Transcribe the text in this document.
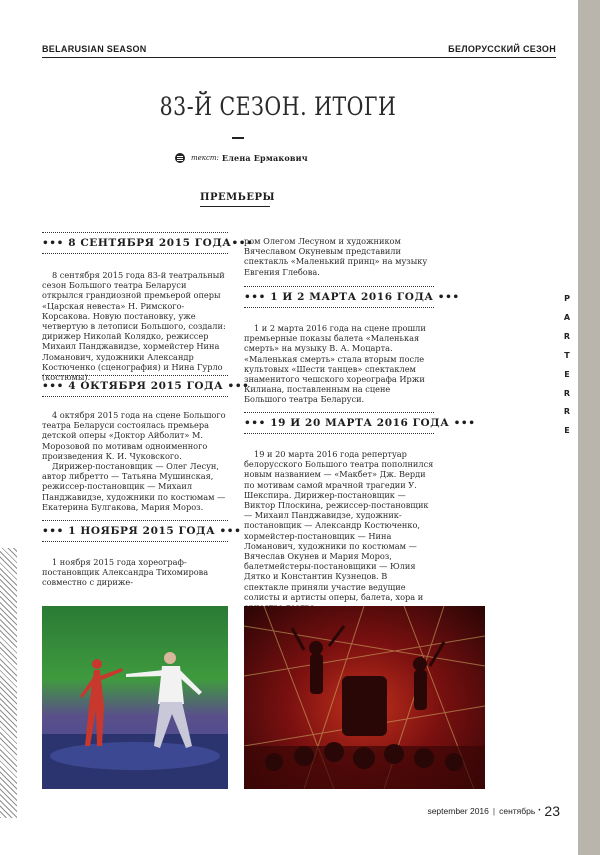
P
A
R
T
E
R
R
E
BELARUSIAN SEASON	БЕЛОРУССКИЙ СЕЗОН
83-Й СЕЗОН. ИТОГИ
текст: Елена Ермакович
ПРЕМЬЕРЫ
••• 8 СЕНТЯБРЯ 2015 ГОДА•••

8 сентября 2015 года 83-й театральный сезон Большого театра Беларуси открылся грандиозной премьерой оперы «Царская невеста» Н. Римского-Корсакова. Новую постановку, уже четвертую в летописи Большого, создали: дирижер Николай Колядко, режиссер Михаил Панджавидзе, хормейстер Нина Ломанович, художники Александр Костюченко (сценография) и Нина Гурло (костюмы).

••• 4 ОКТЯБРЯ 2015 ГОДА •••

4 октября 2015 года на сцене Большого театра Беларуси состоялась премьера детской оперы «Доктор Айболит» М. Морозовой по мотивам одноименного произведения К. И. Чуковского.

Дирижер-постановщик — Олег Лесун, автор либретто — Татьяна Мушинская, режиссер-постановщик — Михаил Панджавидзе, художники по костюмам — Екатерина Булгакова, Мария Мороз.

••• 1 НОЯБРЯ 2015 ГОДА •••

1 ноября 2015 года хореограф-постановщик Александра Тихомирова совместно с дириже-

ром Олегом Лесуном и художником Вячеславом Окуневым представили спектакль «Маленький принц» на музыку Евгения Глебова.

••• 1 И 2 МАРТА 2016 ГОДА •••

1 и 2 марта 2016 года на сцене прошли премьерные показы балета «Маленькая смерть» на музыку В. А. Моцарта. «Маленькая смерть» стала вторым после культовых «Шести танцев» спектаклем знаменитого чешского хореографа Иржи Килиана, поставленным на сцене Большого театра Беларуси.

••• 19 И 20 МАРТА 2016 ГОДА •••

19 и 20 марта 2016 года репертуар белорусского Большого театра пополнился новым названием — «Макбет» Дж. Верди по мотивам самой мрачной трагедии У. Шекспира. Дирижер-постановщик — Виктор Плоскина, режиссер-постановщик — Михаил Панджавидзе, художник-постановщик — Александр Костюченко, хормейстер-постановщик — Нина Ломанович, художники по костюмам — Вячеслав Окунев и Мария Мороз, балетмейстеры-постановщики — Юлия Дятко и Константин Кузнецов. В спектакле приняли участие ведущие солисты и артисты оперы, балета, хора и

september 2016 | сентябрь • 23
